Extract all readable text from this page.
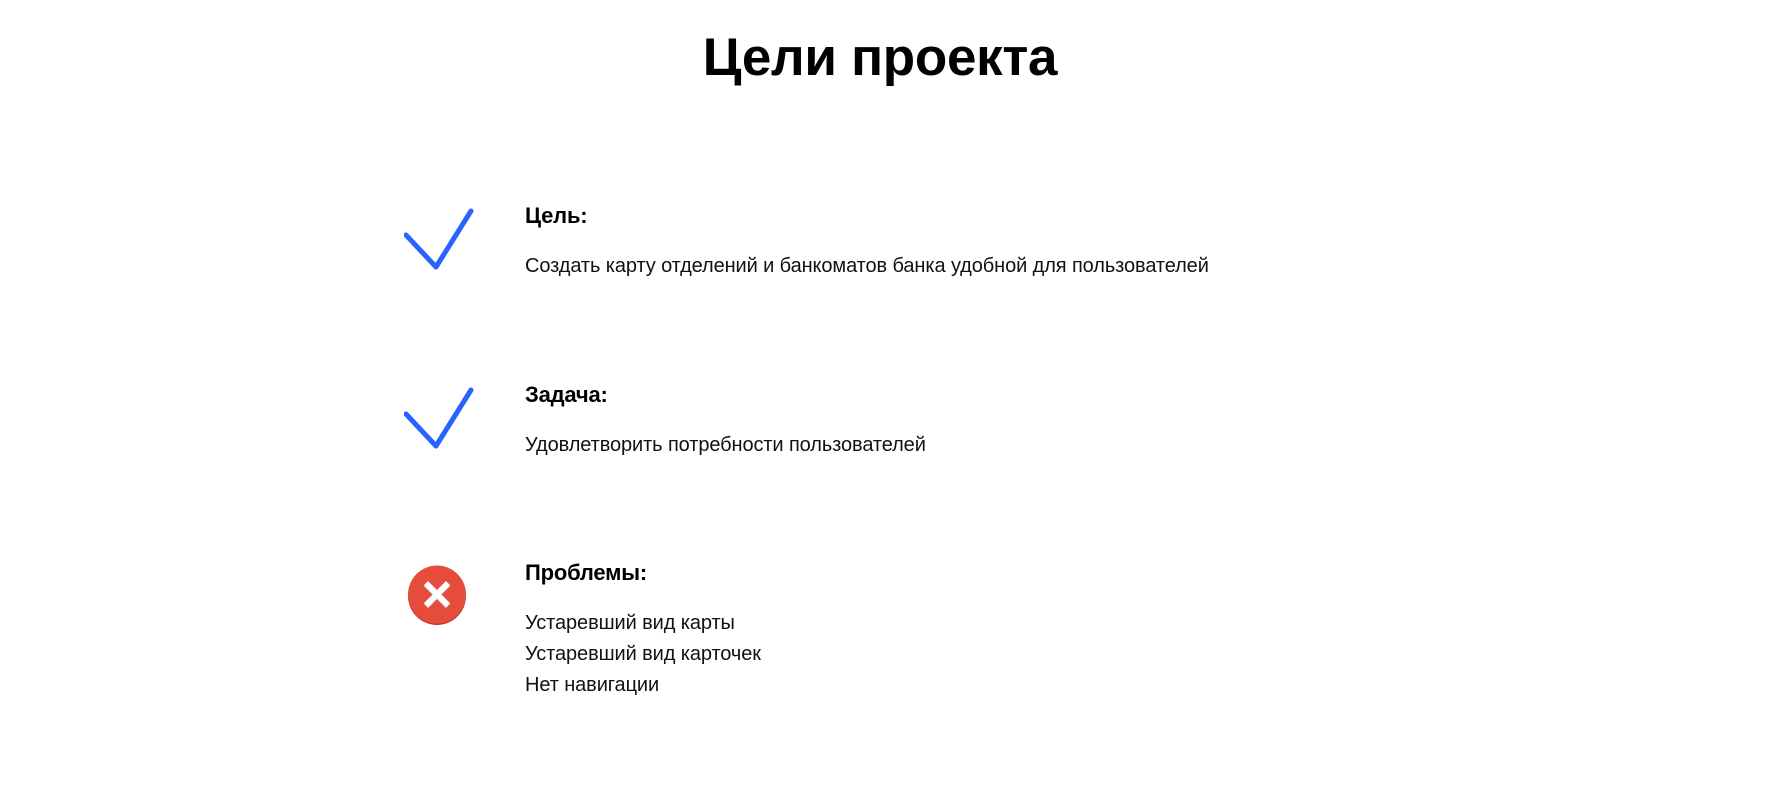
Цели проекта
Цель:

Создать карту отделений и банкоматов банка удобной для пользователей

Задача:

Удовлетворить потребности пользователей

Проблемы:

Устаревший вид карты
Устаревший вид карточек
Нет навигации
